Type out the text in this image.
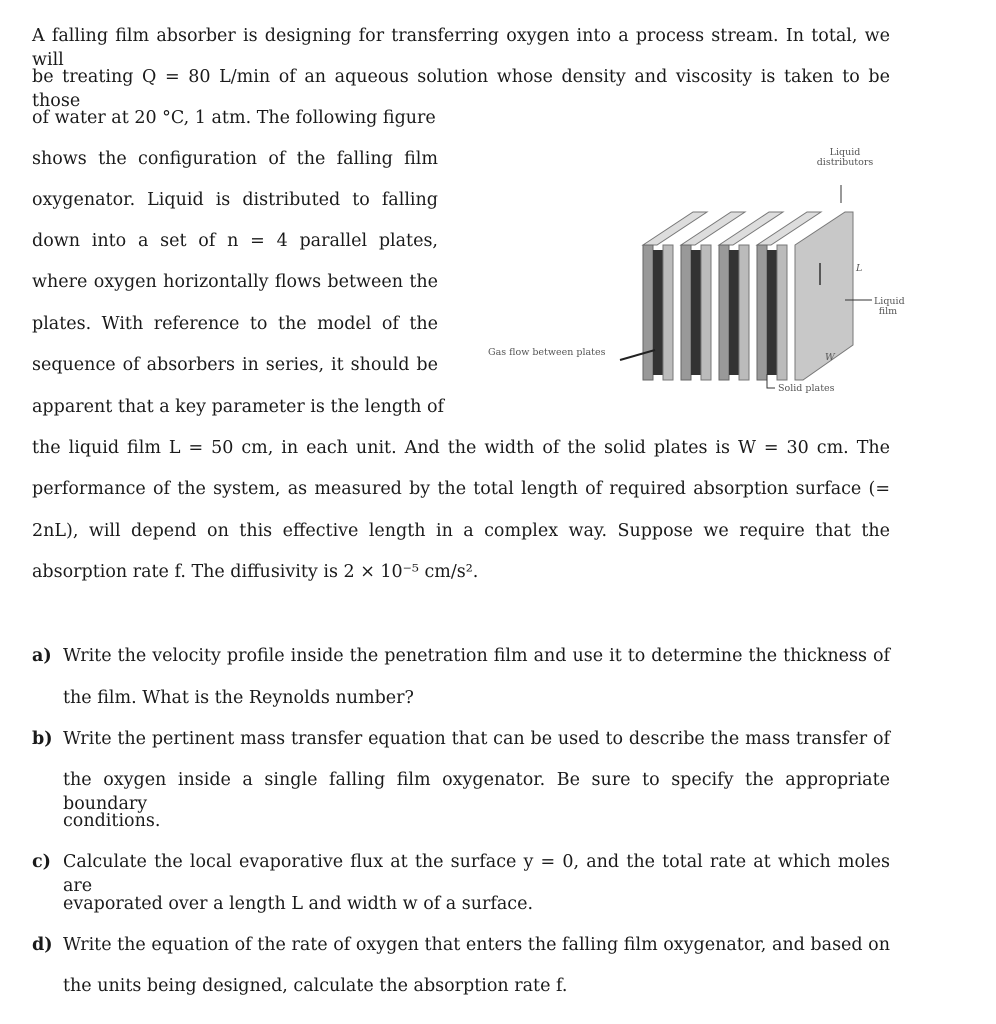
A falling film absorber is designing for transferring oxygen into a process stream. In total, we will
be treating Q = 80 L/min of an aqueous solution whose density and viscosity is taken to be those
of water at 20 °C, 1 atm. The following figure
shows the configuration of the falling film
oxygenator. Liquid is distributed to falling
down into a set of n = 4 parallel plates,
where oxygen horizontally flows between the
plates. With reference to the model of the
sequence of absorbers in series, it should be
apparent that a key parameter is the length of
the liquid film L = 50 cm, in each unit. And the width of the solid plates is W = 30 cm. The
performance of the system, as measured by the total length of required absorption surface (=
2nL), will depend on this effective length in a complex way. Suppose we require that the
absorption rate f. The diffusivity is 2 × 10⁻⁵ cm/s².
a) Write the velocity profile inside the penetration film and use it to determine the thickness of
the film. What is the Reynolds number?
b) Write the pertinent mass transfer equation that can be used to describe the mass transfer of
the oxygen inside a single falling film oxygenator. Be sure to specify the appropriate boundary
conditions.
c) Calculate the local evaporative flux at the surface y = 0, and the total rate at which moles are
evaporated over a length L and width w of a surface.
d) Write the equation of the rate of oxygen that enters the falling film oxygenator, and based on
the units being designed, calculate the absorption rate f.
Liquid distributors
L
Liquid film
Gas flow between plates	W
Solid plates
